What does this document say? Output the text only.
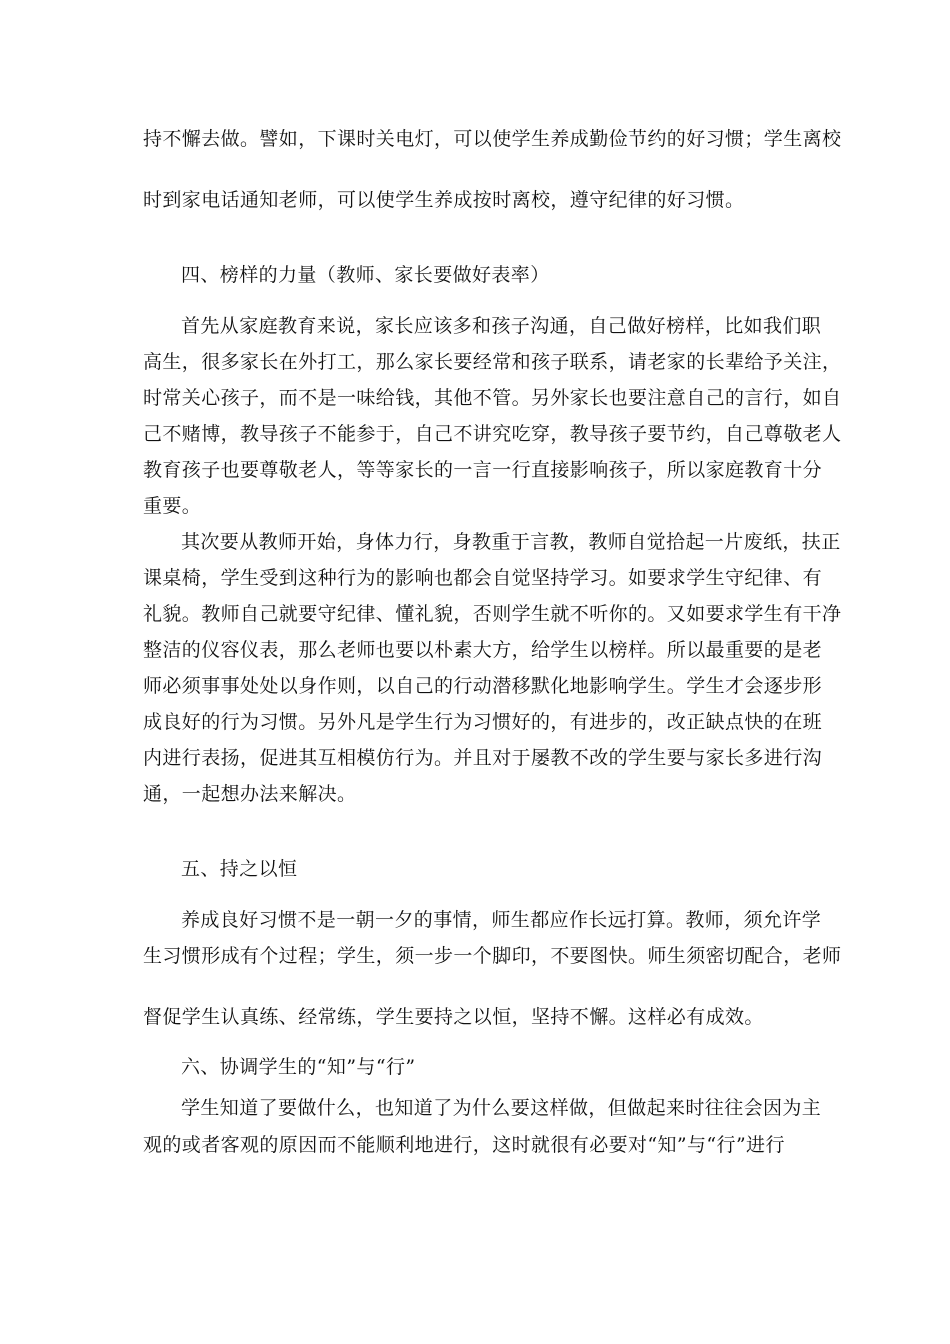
持不懈去做。譬如，下课时关电灯，可以使学生养成勤俭节约的好习惯；学生离校
时到家电话通知老师，可以使学生养成按时离校，遵守纪律的好习惯。
四、榜样的力量（教师、家长要做好表率）
首先从家庭教育来说，家长应该多和孩子沟通，自己做好榜样，比如我们职
高生，很多家长在外打工，那么家长要经常和孩子联系，请老家的长辈给予关注，
时常关心孩子，而不是一味给钱，其他不管。另外家长也要注意自己的言行，如自
己不赌博，教导孩子不能参于，自己不讲究吃穿，教导孩子要节约，自己尊敬老人
教育孩子也要尊敬老人，等等家长的一言一行直接影响孩子，所以家庭教育十分
重要。
其次要从教师开始，身体力行，身教重于言教，教师自觉拾起一片废纸，扶正
课桌椅，学生受到这种行为的影响也都会自觉坚持学习。如要求学生守纪律、有
礼貌。教师自己就要守纪律、懂礼貌，否则学生就不听你的。又如要求学生有干净
整洁的仪容仪表，那么老师也要以朴素大方，给学生以榜样。所以最重要的是老
师必须事事处处以身作则，以自己的行动潜移默化地影响学生。学生才会逐步形
成良好的行为习惯。另外凡是学生行为习惯好的，有进步的，改正缺点快的在班
内进行表扬，促进其互相模仿行为。并且对于屡教不改的学生要与家长多进行沟
通，一起想办法来解决。
五、持之以恒
养成良好习惯不是一朝一夕的事情，师生都应作长远打算。教师，须允许学
生习惯形成有个过程；学生，须一步一个脚印，不要图快。师生须密切配合，老师
督促学生认真练、经常练，学生要持之以恒，坚持不懈。这样必有成效。
六、协调学生的“知”与“行”
学生知道了要做什么，也知道了为什么要这样做，但做起来时往往会因为主
观的或者客观的原因而不能顺利地进行，这时就很有必要对“知”与“行”进行
